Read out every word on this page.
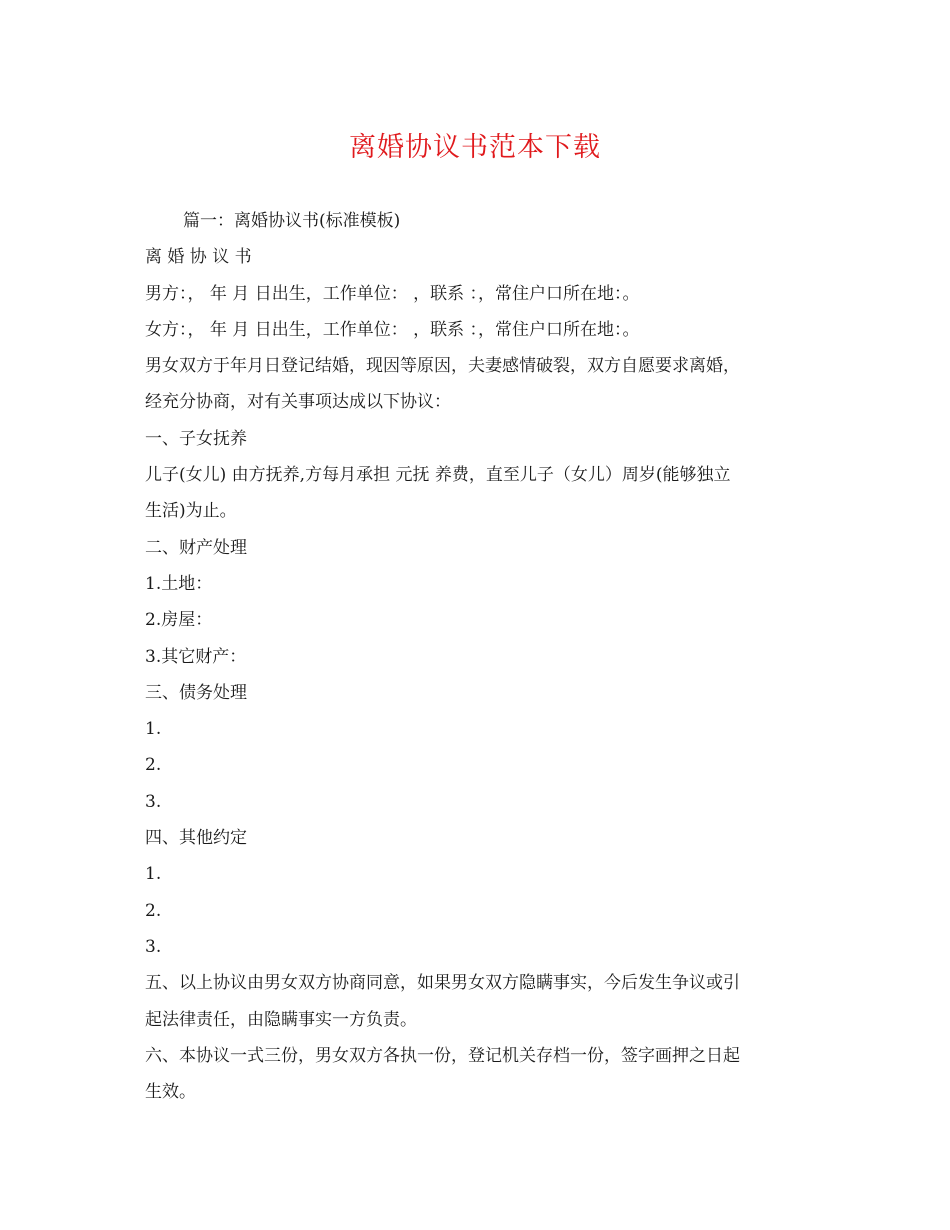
离婚协议书范本下载
篇一：离婚协议书(标准模板)
离 婚 协 议 书
男方：， 年 月 日出生，工作单位： ，联系 ：，常住户口所在地：。
女方：， 年 月 日出生，工作单位： ，联系 ：，常住户口所在地：。
男女双方于年月日登记结婚，现因等原因，夫妻感情破裂，双方自愿要求离婚，
经充分协商，对有关事项达成以下协议：
一、子女抚养
儿子(女儿) 由方抚养,方每月承担 元抚 养费，直至儿子（女儿）周岁(能够独立
生活)为止。
二、财产处理
1.土地：
2.房屋：
3.其它财产：
三、债务处理
1.
2.
3.
四、其他约定
1.
2.
3.
五、以上协议由男女双方协商同意，如果男女双方隐瞒事实，今后发生争议或引
起法律责任，由隐瞒事实一方负责。
六、本协议一式三份，男女双方各执一份，登记机关存档一份，签字画押之日起
生效。
